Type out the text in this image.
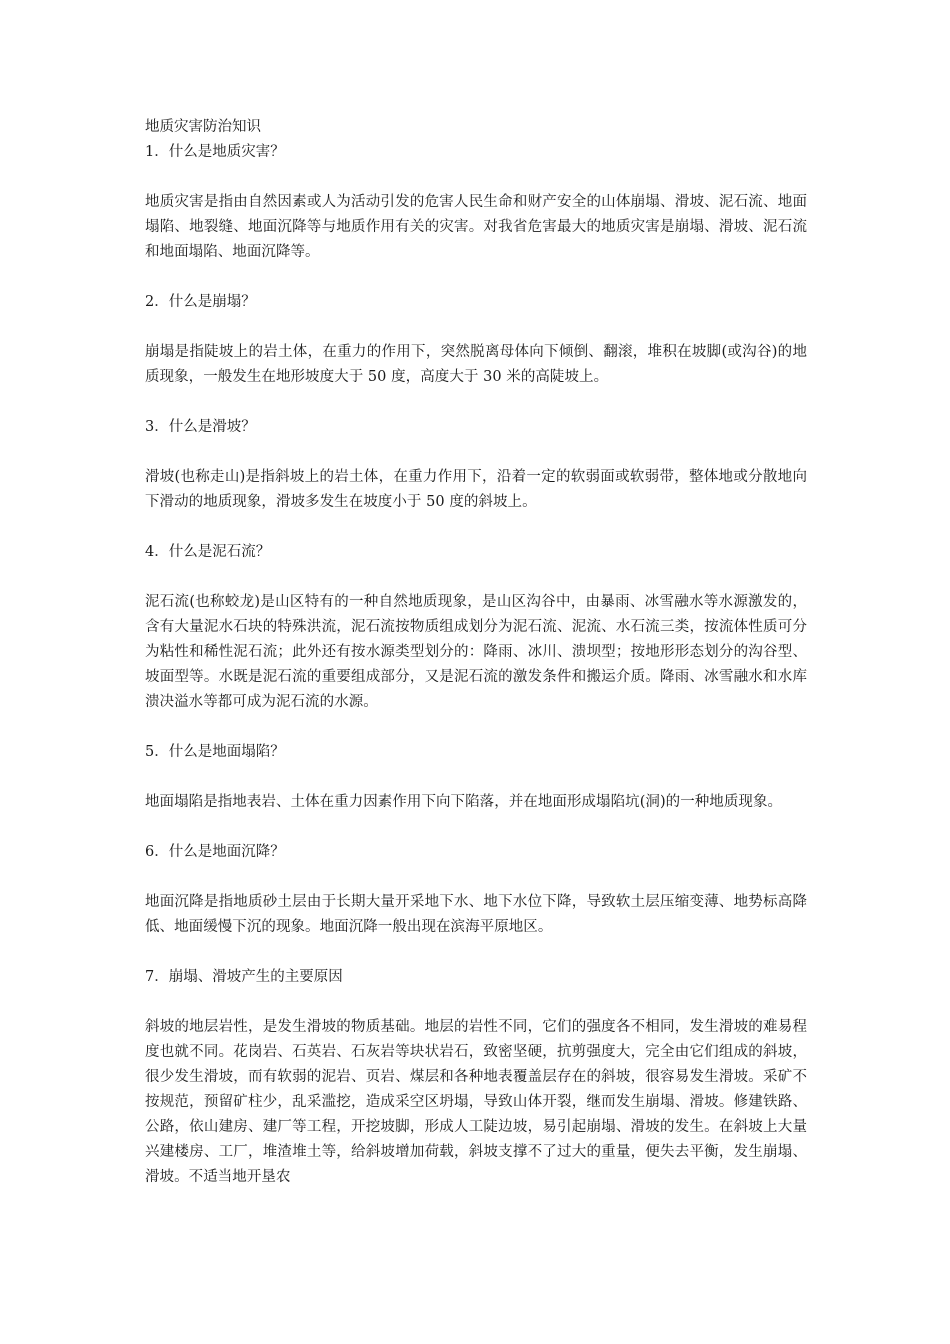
地质灾害防治知识

1．什么是地质灾害？

地质灾害是指由自然因素或人为活动引发的危害人民生命和财产安全的山体崩塌、滑坡、泥石流、地面塌陷、地裂缝、地面沉降等与地质作用有关的灾害。对我省危害最大的地质灾害是崩塌、滑坡、泥石流和地面塌陷、地面沉降等。

2．什么是崩塌？

崩塌是指陡坡上的岩土体，在重力的作用下，突然脱离母体向下倾倒、翻滚，堆积在坡脚(或沟谷)的地质现象，一般发生在地形坡度大于 50 度，高度大于 30 米的高陡坡上。

3．什么是滑坡？

滑坡(也称走山)是指斜坡上的岩土体，在重力作用下，沿着一定的软弱面或软弱带，整体地或分散地向下滑动的地质现象，滑坡多发生在坡度小于 50 度的斜坡上。

4．什么是泥石流？

泥石流(也称蛟龙)是山区特有的一种自然地质现象，是山区沟谷中，由暴雨、冰雪融水等水源激发的，含有大量泥水石块的特殊洪流，泥石流按物质组成划分为泥石流、泥流、水石流三类，按流体性质可分为粘性和稀性泥石流；此外还有按水源类型划分的：降雨、冰川、溃坝型；按地形形态划分的沟谷型、坡面型等。水既是泥石流的重要组成部分，又是泥石流的激发条件和搬运介质。降雨、冰雪融水和水库溃决溢水等都可成为泥石流的水源。

5．什么是地面塌陷？

地面塌陷是指地表岩、土体在重力因素作用下向下陷落，并在地面形成塌陷坑(洞)的一种地质现象。

6．什么是地面沉降？

地面沉降是指地质砂土层由于长期大量开采地下水、地下水位下降，导致软土层压缩变薄、地势标高降低、地面缓慢下沉的现象。地面沉降一般出现在滨海平原地区。

7．崩塌、滑坡产生的主要原因

斜坡的地层岩性，是发生滑坡的物质基础。地层的岩性不同，它们的强度各不相同，发生滑坡的难易程度也就不同。花岗岩、石英岩、石灰岩等块状岩石，致密坚硬，抗剪强度大，完全由它们组成的斜坡，很少发生滑坡，而有软弱的泥岩、页岩、煤层和各种地表覆盖层存在的斜坡，很容易发生滑坡。采矿不按规范，预留矿柱少，乱采滥挖，造成采空区坍塌，导致山体开裂，继而发生崩塌、滑坡。修建铁路、公路，依山建房、建厂等工程，开挖坡脚，形成人工陡边坡，易引起崩塌、滑坡的发生。在斜坡上大量兴建楼房、工厂，堆渣堆土等，给斜坡增加荷载，斜坡支撑不了过大的重量，便失去平衡，发生崩塌、滑坡。不适当地开垦农
